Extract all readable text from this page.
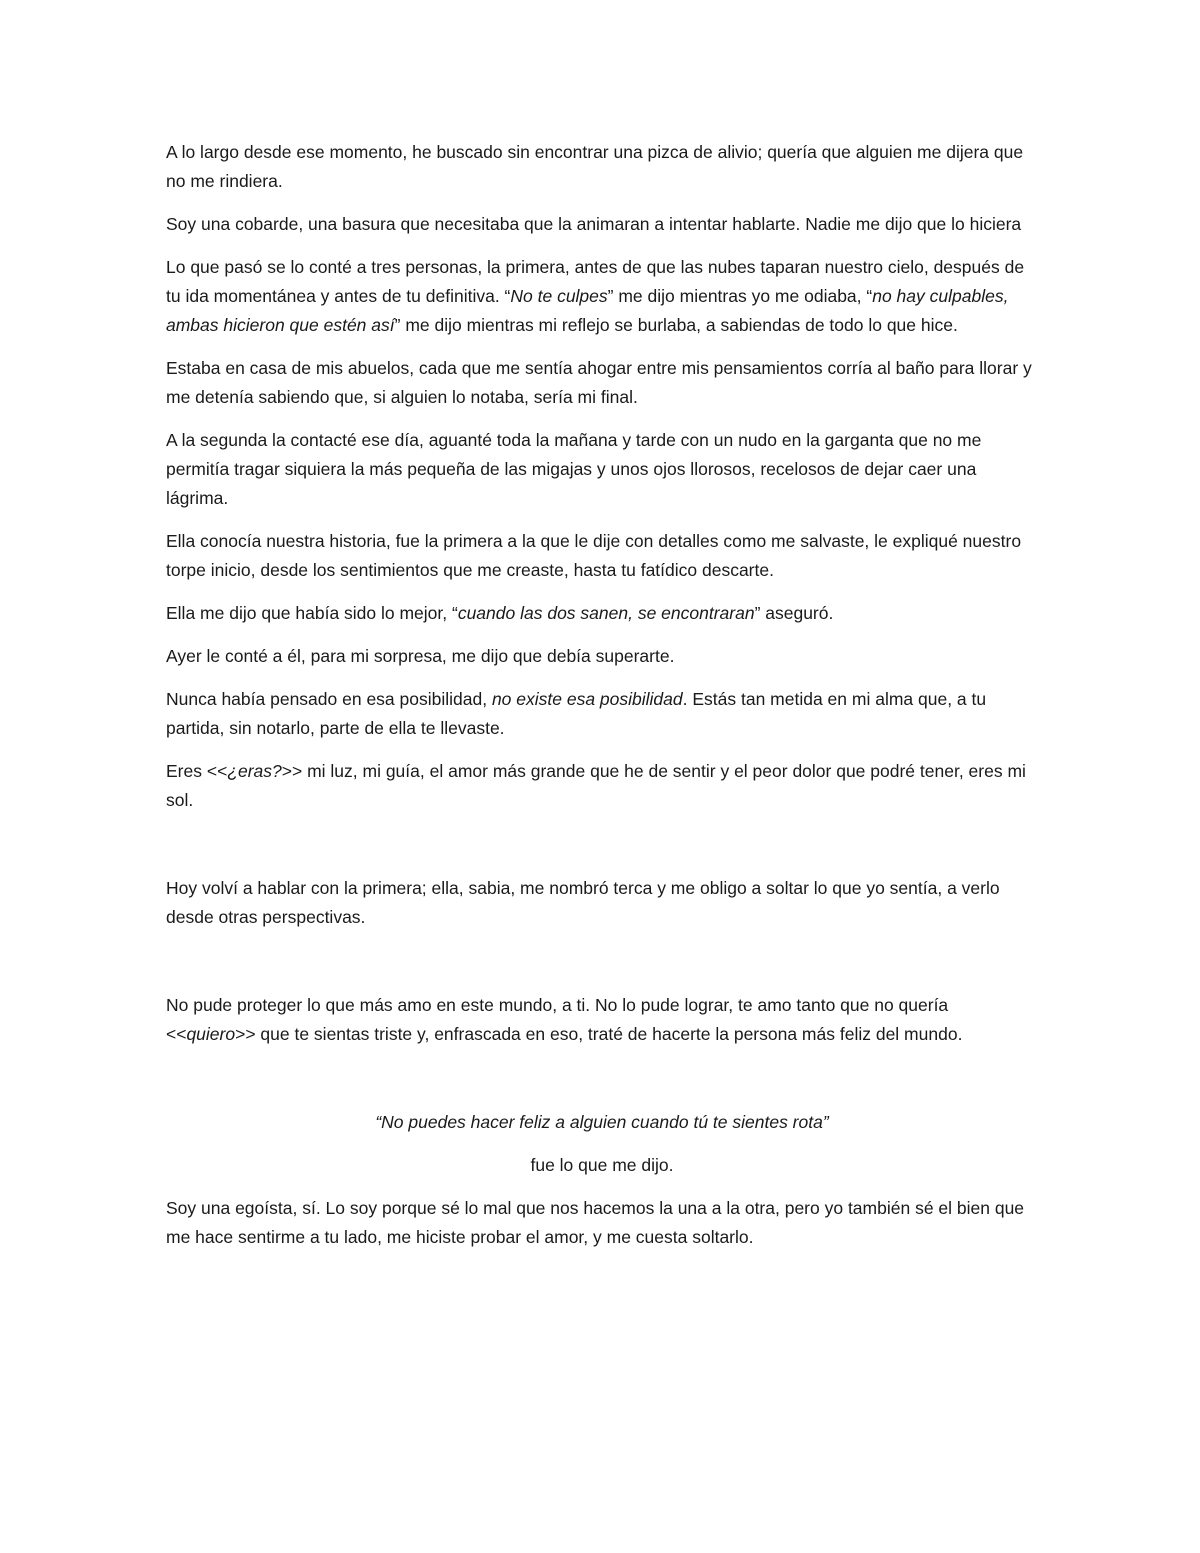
A lo largo desde ese momento, he buscado sin encontrar una pizca de alivio; quería que alguien me dijera que no me rindiera.

Soy una cobarde, una basura que necesitaba que la animaran a intentar hablarte. Nadie me dijo que lo hiciera

Lo que pasó se lo conté a tres personas, la primera, antes de que las nubes taparan nuestro cielo, después de tu ida momentánea y antes de tu definitiva. “No te culpes” me dijo mientras yo me odiaba, “no hay culpables, ambas hicieron que estén así” me dijo mientras mi reflejo se burlaba, a sabiendas de todo lo que hice.

Estaba en casa de mis abuelos, cada que me sentía ahogar entre mis pensamientos corría al baño para llorar y me detenía sabiendo que, si alguien lo notaba, sería mi final.

A la segunda la contacté ese día, aguanté toda la mañana y tarde con un nudo en la garganta que no me permitía tragar siquiera la más pequeña de las migajas y unos ojos llorosos, recelosos de dejar caer una lágrima.

Ella conocía nuestra historia, fue la primera a la que le dije con detalles como me salvaste, le expliqué nuestro torpe inicio, desde los sentimientos que me creaste, hasta tu fatídico descarte.

Ella me dijo que había sido lo mejor, “cuando las dos sanen, se encontraran” aseguró.

Ayer le conté a él, para mi sorpresa, me dijo que debía superarte.

Nunca había pensado en esa posibilidad, no existe esa posibilidad. Estás tan metida en mi alma que, a tu partida, sin notarlo, parte de ella te llevaste.

Eres <<¿eras?>> mi luz, mi guía, el amor más grande que he de sentir y el peor dolor que podré tener, eres mi sol.

Hoy volví a hablar con la primera; ella, sabia, me nombró terca y me obligo a soltar lo que yo sentía, a verlo desde otras perspectivas.

No pude proteger lo que más amo en este mundo, a ti. No lo pude lograr, te amo tanto que no quería <<quiero>> que te sientas triste y, enfrascada en eso, traté de hacerte la persona más feliz del mundo.

“No puedes hacer feliz a alguien cuando tú te sientes rota”

fue lo que me dijo.

Soy una egoísta, sí. Lo soy porque sé lo mal que nos hacemos la una a la otra, pero yo también sé el bien que me hace sentirme a tu lado, me hiciste probar el amor, y me cuesta soltarlo.
